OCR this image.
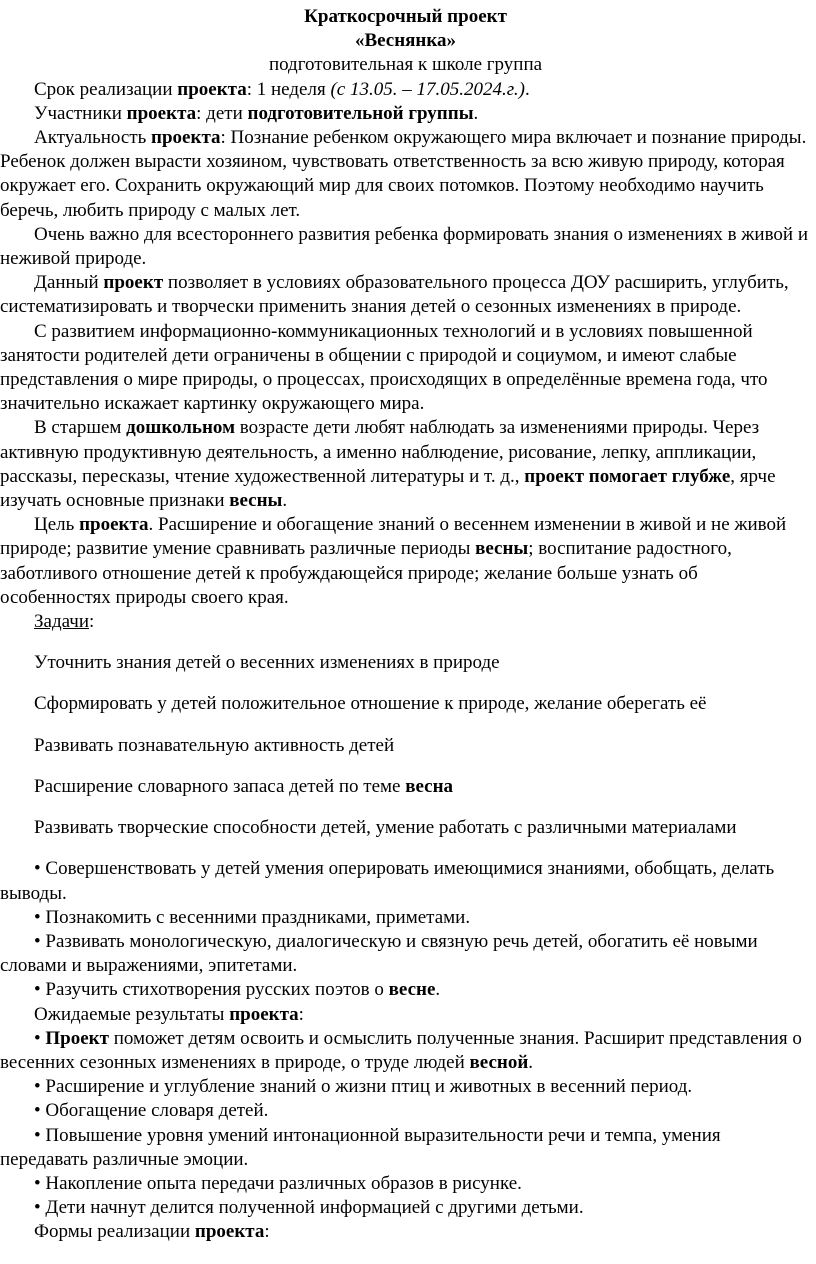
Краткосрочный проект
«Веснянка»
подготовительная к школе группа

Срок реализации проекта: 1 неделя (с 13.05. – 17.05.2024.г.).

Участники проекта: дети подготовительной группы.

Актуальность проекта: Познание ребенком окружающего мира включает и познание природы. Ребенок должен вырасти хозяином, чувствовать ответственность за всю живую природу, которая окружает его. Сохранить окружающий мир для своих потомков. Поэтому необходимо научить беречь, любить природу с малых лет.

Очень важно для всестороннего развития ребенка формировать знания о изменениях в живой и неживой природе.

Данный проект позволяет в условиях образовательного процесса ДОУ расширить, углубить, систематизировать и творчески применить знания детей о сезонных изменениях в природе.

С развитием информационно-коммуникационных технологий и в условиях повышенной занятости родителей дети ограничены в общении с природой и социумом, и имеют слабые представления о мире природы, о процессах, происходящих в определённые времена года, что значительно искажает картинку окружающего мира.

В старшем дошкольном возрасте дети любят наблюдать за изменениями природы. Через активную продуктивную деятельность, а именно наблюдение, рисование, лепку, аппликации, рассказы, пересказы, чтение художественной литературы и т. д., проект помогает глубже, ярче изучать основные признаки весны.

Цель проекта. Расширение и обогащение знаний о весеннем изменении в живой и не живой природе; развитие умение сравнивать различные периоды весны; воспитание радостного, заботливого отношение детей к пробуждающейся природе; желание больше узнать об особенностях природы своего края.

Задачи:

Уточнить знания детей о весенних изменениях в природе

Сформировать у детей положительное отношение к природе, желание оберегать её

Развивать познавательную активность детей

Расширение словарного запаса детей по теме весна

Развивать творческие способности детей, умение работать с различными материалами

• Совершенствовать у детей умения оперировать имеющимися знаниями, обобщать, делать выводы.

• Познакомить с весенними праздниками, приметами.

• Развивать монологическую, диалогическую и связную речь детей, обогатить её новыми словами и выражениями, эпитетами.

• Разучить стихотворения русских поэтов о весне.

Ожидаемые результаты проекта:

• Проект поможет детям освоить и осмыслить полученные знания. Расширит представления о весенних сезонных изменениях в природе, о труде людей весной.

• Расширение и углубление знаний о жизни птиц и животных в весенний период.

• Обогащение словаря детей.

• Повышение уровня умений интонационной выразительности речи и темпа, умения передавать различные эмоции.

• Накопление опыта передачи различных образов в рисунке.

• Дети начнут делится полученной информацией с другими детьми.

Формы реализации проекта:
